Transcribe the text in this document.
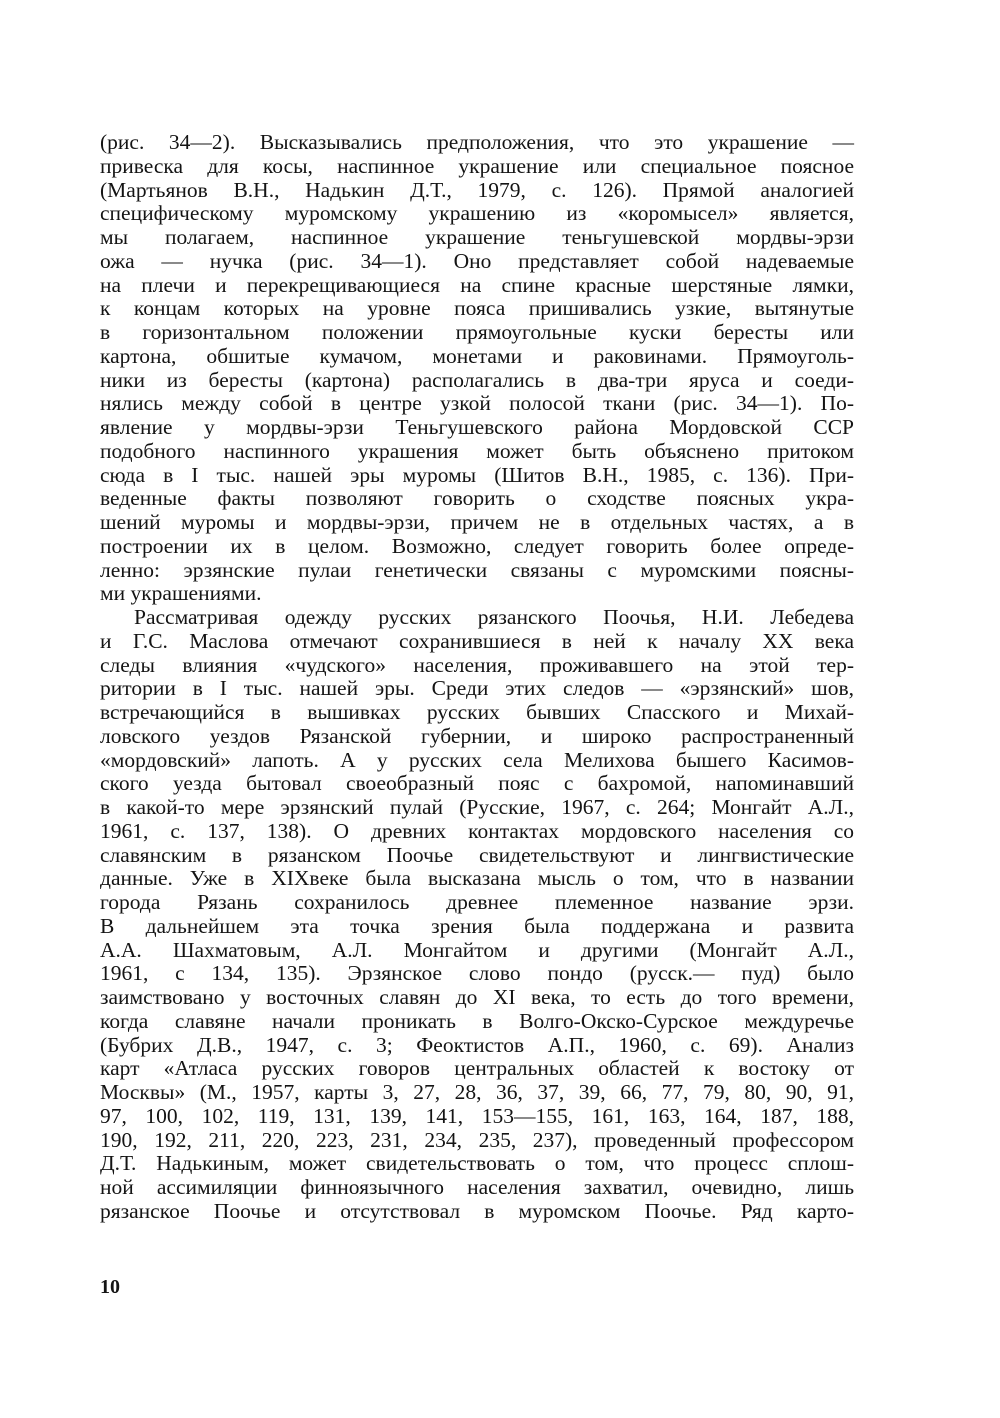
(рис. 34—2). Высказывались предположения, что это украшение —
привеска для косы, наспинное украшение или специальное поясное
(Мартьянов В.Н., Надькин Д.Т., 1979, с. 126). Прямой аналогией
специфическому муромскому украшению из «коромысел» является,
мы полагаем, наспинное украшение теньгушевской мордвы-эрзи
ожа — нучка (рис. 34—1). Оно представляет собой надеваемые
на плечи и перекрещивающиеся на спине красные шерстяные лямки,
к концам которых на уровне пояса пришивались узкие, вытянутые
в горизонтальном положении прямоугольные куски бересты или
картона, обшитые кумачом, монетами и раковинами. Прямоуголь-
ники из бересты (картона) располагались в два-три яруса и соеди-
нялись между собой в центре узкой полосой ткани (рис. 34—1). По-
явление у мордвы-эрзи Теньгушевского района Мордовской ССР
подобного наспинного украшения может быть объяснено притоком
сюда в I тыс. нашей эры муромы (Шитов В.Н., 1985, с. 136). При-
веденные факты позволяют говорить о сходстве поясных укра-
шений муромы и мордвы-эрзи, причем не в отдельных частях, а в
построении их в целом. Возможно, следует говорить более опреде-
ленно: эрзянские пулаи генетически связаны с муромскими поясны-
ми украшениями.

Рассматривая одежду русских рязанского Поочья, Н.И. Лебедева
и Г.С. Маслова отмечают сохранившиеся в ней к началу XX века
следы влияния «чудского» населения, проживавшего на этой тер-
ритории в I тыс. нашей эры. Среди этих следов — «эрзянский» шов,
встречающийся в вышивках русских бывших Спасского и Михай-
ловского уездов Рязанской губернии, и широко распространенный
«мордовский» лапоть. А у русских села Мелихова бышего Касимов-
ского уезда бытовал своеобразный пояс с бахромой, напоминавший
в какой-то мере эрзянский пулай (Русские, 1967, с. 264; Монгайт А.Л.,
1961, с. 137, 138). О древних контактах мордовского населения со
славянским в рязанском Поочье свидетельствуют и лингвистические
данные. Уже в XIXвеке была высказана мысль о том, что в названии
города Рязань сохранилось древнее племенное название эрзи.
В дальнейшем эта точка зрения была поддержана и развита
А.А. Шахматовым, А.Л. Монгайтом и другими (Монгайт А.Л.,
1961, с 134, 135). Эрзянское слово пондо (русск.— пуд) было
заимствовано у восточных славян до XI века, то есть до того времени,
когда славяне начали проникать в Волго-Окско-Сурское междуречье
(Бубрих Д.В., 1947, с. 3; Феоктистов А.П., 1960, с. 69). Анализ
карт «Атласа русских говоров центральных областей к востоку от
Москвы» (М., 1957, карты 3, 27, 28, 36, 37, 39, 66, 77, 79, 80, 90, 91,
97, 100, 102, 119, 131, 139, 141, 153—155, 161, 163, 164, 187, 188,
190, 192, 211, 220, 223, 231, 234, 235, 237), проведенный профессором
Д.Т. Надькиным, может свидетельствовать о том, что процесс сплош-
ной ассимиляции финноязычного населения захватил, очевидно, лишь
рязанское Поочье и отсутствовал в муромском Поочье. Ряд карто-

10
